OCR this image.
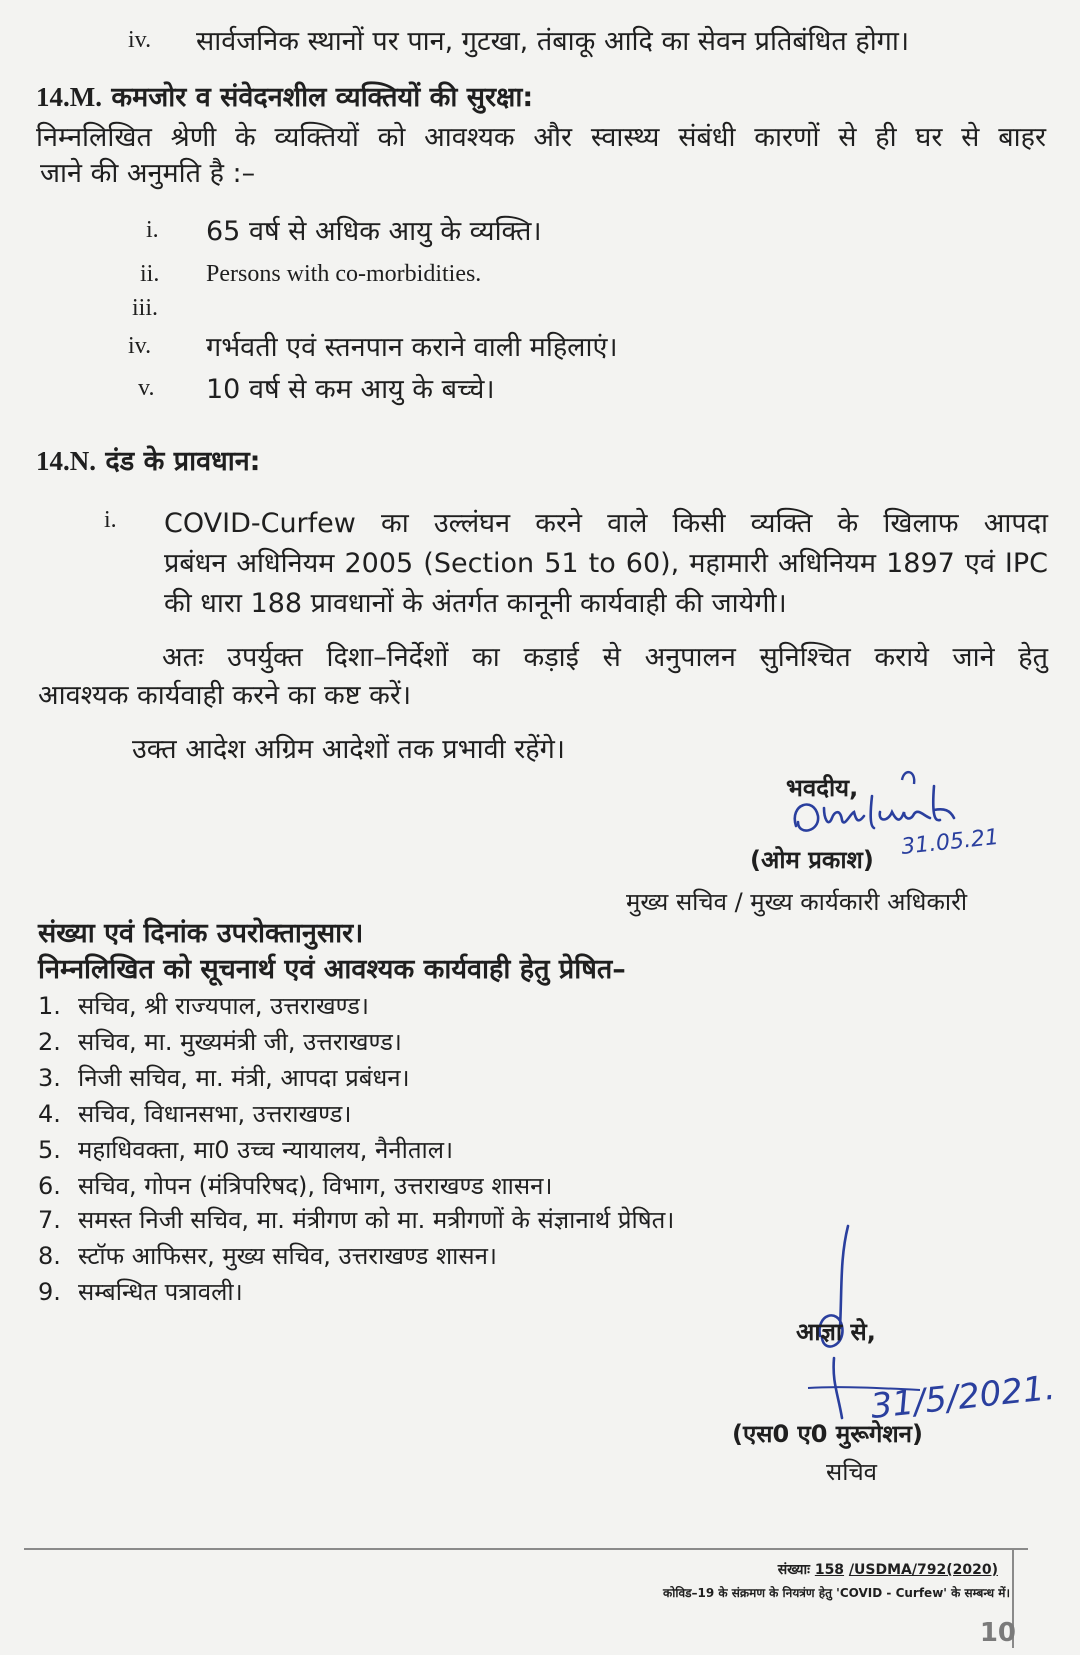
iv. सार्वजनिक स्थानों पर पान, गुटखा, तंबाकू आदि का सेवन प्रतिबंधित होगा।
14.M. कमजोर व संवेदनशील व्यक्तियों की सुरक्षा:
निम्नलिखित श्रेणी के व्यक्तियों को आवश्यक और स्वास्थ्य संबंधी कारणों से ही घर से बाहर
जाने की अनुमति है :–
i. 65 वर्ष से अधिक आयु के व्यक्ति।
ii. Persons with co-morbidities.
iii.
iv. गर्भवती एवं स्तनपान कराने वाली महिलाएं।
v. 10 वर्ष से कम आयु के बच्चे।
14.N. दंड के प्रावधान:
i. COVID-Curfew का उल्लंघन करने वाले किसी व्यक्ति के खिलाफ आपदा
प्रबंधन अधिनियम 2005 (Section 51 to 60), महामारी अधिनियम 1897 एवं IPC
की धारा 188 प्रावधानों के अंतर्गत कानूनी कार्यवाही की जायेगी।
अतः उपर्युक्त दिशा–निर्देशों का कड़ाई से अनुपालन सुनिश्चित कराये जाने हेतु
आवश्यक कार्यवाही करने का कष्ट करें।
उक्त आदेश अग्रिम आदेशों तक प्रभावी रहेंगे।
भवदीय,
31.05.21
(ओम प्रकाश)
मुख्य सचिव / मुख्य कार्यकारी अधिकारी
संख्या एवं दिनांक उपरोक्तानुसार।
निम्नलिखित को सूचनार्थ एवं आवश्यक कार्यवाही हेतु प्रेषित–
1. सचिव, श्री राज्यपाल, उत्तराखण्ड।
2. सचिव, मा. मुख्यमंत्री जी, उत्तराखण्ड।
3. निजी सचिव, मा. मंत्री, आपदा प्रबंधन।
4. सचिव, विधानसभा, उत्तराखण्ड।
5. महाधिवक्ता, मा0 उच्च न्यायालय, नैनीताल।
6. सचिव, गोपन (मंत्रिपरिषद), विभाग, उत्तराखण्ड शासन।
7. समस्त निजी सचिव, मा. मंत्रीगण को मा. मत्रीगणों के संज्ञानार्थ प्रेषित।
8. स्टॉफ आफिसर, मुख्य सचिव, उत्तराखण्ड शासन।
9. सम्बन्धित पत्रावली।
31/5/2021.
आज्ञा से,
(एस0 ए0 मुरूगेशन)
सचिव
संख्याः 158 /USDMA/792(2020)
कोविड–19 के संक्रमण के नियत्रंण हेतु 'COVID - Curfew' के सम्बन्ध में।
10
